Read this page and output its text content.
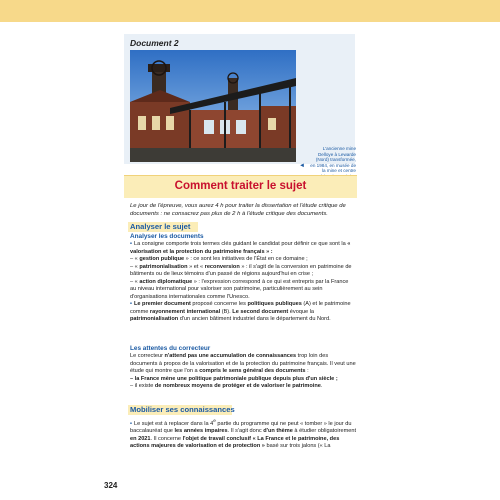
Document 2
L'ancienne mine Delloye à Lewarde (Nord) transformée, en 1984, en musée de la mine et centre
◄
Comment traiter le sujet
Le jour de l'épreuve, vous aurez 4 h pour traiter la dissertation et l'étude critique de documents : ne consacrez pas plus de 2 h à l'étude critique des documents.
Analyser le sujet
Analyser les documents

• La consigne comporte trois termes clés guidant le candidat pour définir ce que sont la « valorisation et la protection du patrimoine français » :

– « gestion publique » : ce sont les initiatives de l'État en ce domaine ;

– « patrimonialisation » et « reconversion » : il s'agit de la conversion en patrimoine de bâtiments ou de lieux témoins d'un passé de régions aujourd'hui en crise ;

– « action diplomatique » : l'expression correspond à ce qui est entrepris par la France au niveau international pour valoriser son patrimoine, particulièrement au sein d'organisations internationales comme l'Unesco.

• Le premier document proposé concerne les politiques publiques (A) et le patrimoine comme rayonnement international (B). Le second document évoque la patrimonialisation d'un ancien bâtiment industriel dans le département du Nord.

Les attentes du correcteur

Le correcteur n'attend pas une accumulation de connaissances trop loin des documents à propos de la valorisation et de la protection du patrimoine français. Il veut une étude qui montre que l'on a compris le sens général des documents :

– la France mène une politique patrimoniale publique depuis plus d'un siècle ;

– il existe de nombreux moyens de protéger et de valoriser le patrimoine.

Mobiliser ses connaissances

• Le sujet est à replacer dans la 4e partie du programme qui ne peut « tomber » le jour du baccalauréat que les années impaires. Il s'agit donc d'un thème à étudier obligatoirement en 2021. Il concerne l'objet de travail conclusif « La France et le patrimoine, des actions majeures de valorisation et de protection » basé sur trois jalons (« La

324
